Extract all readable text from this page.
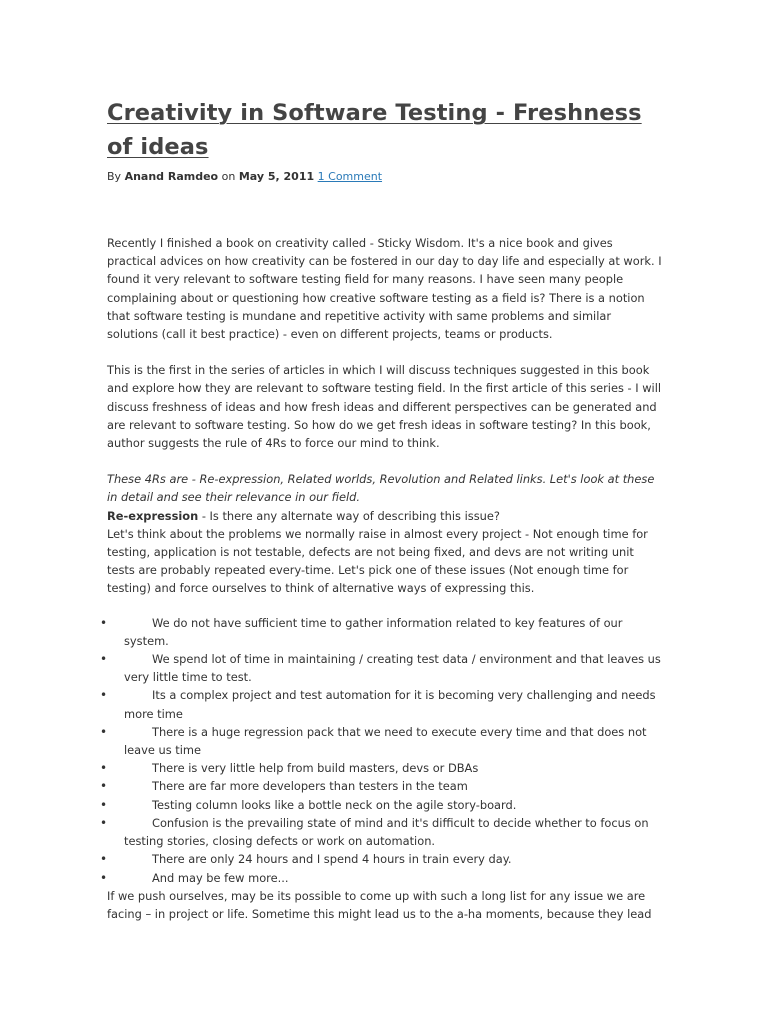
Creativity in Software Testing - Freshness of ideas
By Anand Ramdeo on May 5, 2011 1 Comment

Recently I finished a book on creativity called - Sticky Wisdom. It's a nice book and gives practical advices on how creativity can be fostered in our day to day life and especially at work. I found it very relevant to software testing field for many reasons. I have seen many people complaining about or questioning how creative software testing as a field is? There is a notion that software testing is mundane and repetitive activity with same problems and similar solutions (call it best practice) - even on different projects, teams or products.

This is the first in the series of articles in which I will discuss techniques suggested in this book and explore how they are relevant to software testing field. In the first article of this series - I will discuss freshness of ideas and how fresh ideas and different perspectives can be generated and are relevant to software testing. So how do we get fresh ideas in software testing? In this book, author suggests the rule of 4Rs to force our mind to think.

These 4Rs are - Re-expression, Related worlds, Revolution and Related links. Let's look at these in detail and see their relevance in our field.

Re-expression - Is there any alternate way of describing this issue?
Let's think about the problems we normally raise in almost every project - Not enough time for testing, application is not testable, defects are not being fixed, and devs are not writing unit tests are probably repeated every-time. Let's pick one of these issues (Not enough time for testing) and force ourselves to think of alternative ways of expressing this.
•	We do not have sufficient time to gather information related to key features of our system.
•	We spend lot of time in maintaining / creating test data / environment and that leaves us very little time to test.
•	Its a complex project and test automation for it is becoming very challenging and needs more time
•	There is a huge regression pack that we need to execute every time and that does not leave us time
•	There is very little help from build masters, devs or DBAs
•	There are far more developers than testers in the team
•	Testing column looks like a bottle neck on the agile story-board.
•	Confusion is the prevailing state of mind and it's difficult to decide whether to focus on testing stories, closing defects or work on automation.
•	There are only 24 hours and I spend 4 hours in train every day.
•	And may be few more...

If we push ourselves, may be its possible to come up with such a long list for any issue we are facing – in project or life. Sometime this might lead us to the a-ha moments, because they lead
